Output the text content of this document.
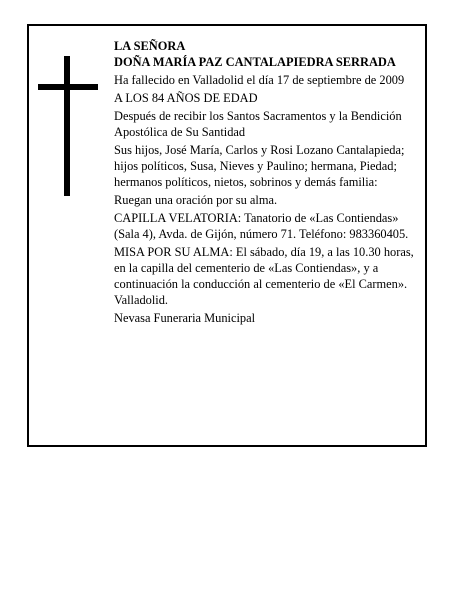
LA SEÑORA

DOÑA MARÍA PAZ CANTALAPIEDRA SERRADA

Ha fallecido en Valladolid el día 17 de septiembre de 2009

A LOS 84 AÑOS DE EDAD

Después de recibir los Santos Sacramentos y la Bendición Apostólica de Su Santidad

Sus hijos, José María, Carlos y Rosi Lozano Cantalapieda; hijos políticos, Susa, Nieves y Paulino; hermana, Piedad; hermanos políticos, nietos, sobrinos y demás familia:

Ruegan una oración por su alma.

CAPILLA VELATORIA: Tanatorio de «Las Contiendas» (Sala 4), Avda. de Gijón, número 71. Teléfono: 983360405.

MISA POR SU ALMA: El sábado, día 19, a las 10.30 horas, en la capilla del cementerio de «Las Contiendas», y a continuación la conducción al cementerio de «El Carmen». Valladolid.

Nevasa Funeraria Municipal
